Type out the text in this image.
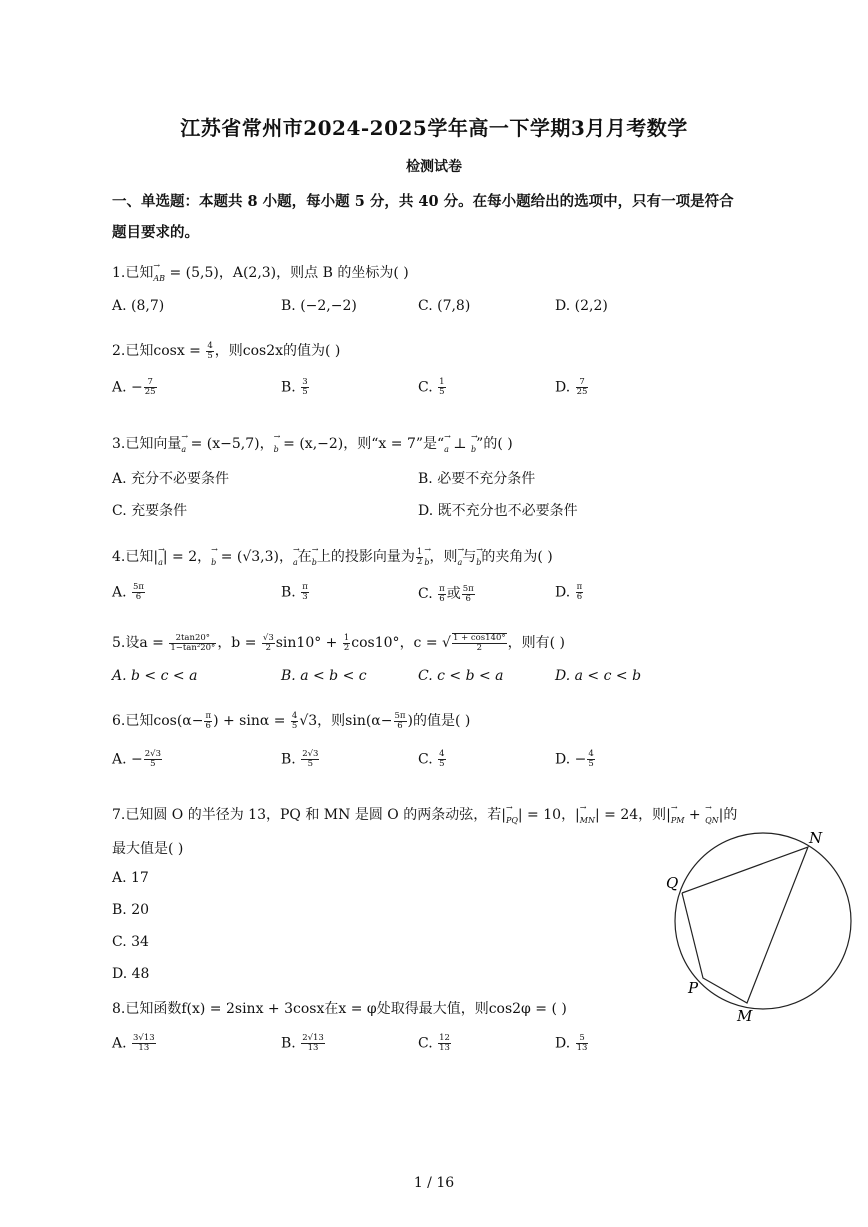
江苏省常州市2024-2025学年高一下学期3月月考数学
检测试卷
一、单选题：本题共 8 小题，每小题 5 分，共 40 分。在每小题给出的选项中，只有一项是符合
题目要求的。
1.已知→ AB = (5,5)，A(2,3)，则点 B 的坐标为( )
A. (8,7)	B. (−2,−2)	C. (7,8)	D. (2,2)
2.已知$\cos x = \frac{4}{5}$ ，则cos2x的值为( )
A. − $\frac{7}{25}$	B. $\frac{3}{5}$	C. $\frac{1}{5}$	D. $\frac{7}{25}$
3.已知向量→ a = (x−5,7)，→ b = (x,−2)，则“x = 7”是“→ a ⊥ → b”的( )
A. 充分不必要条件	B. 必要不充分条件
C. 充要条件	D. 既不充分也不必要条件
4.已知|→ a| = 2，→ b = (√3,3)，→ a在→ b上的投影向量为 $\frac{1}{2}$
→ b，则→ a与→ b的夹角为( )
A. $\frac{5\pi}{6}$	B. $\frac{\pi}{3}$	C. $\frac{\pi}{6}$ 或 $\frac{5\pi}{6}$	D. $\frac{\pi}{6}$
5.设$a = \frac{2\tan 20^\circ}{\text{1−tan²20°}}$ ，$b = \frac{√3}{2} \sin 10^\circ + \frac{1}{2} \cos 10^\circ$，c = √ $\frac{1 + \cos 140^\circ}{2}$ ，则有( )
A. b < c < a	B. a < b < c	C. c < b < a	D. a < c < b
6.已知$\cos(\alpha- \frac{\pi}{6}$ ) + $\sin\alpha = \frac{4}{5} √3$，则$\sin(\alpha- \frac{5\pi}{6}$ )的值是( )
A. − $\frac{2√3}{5}$	B. $\frac{2√3}{5}$	C. $\frac{4}{5}$	D. − $\frac{4}{5}$
7.已知圆 O 的半径为 13，PQ 和 MN 是圆 O 的两条动弦，若|→ PQ| = 10，|→ MN| = 24，则|→ PM + → QN|的
最大值是( )
A. 17
B. 20
C. 34
D. 48
N
Q
P
M
8.已知函数f(x) = 2sinx + 3cosx在x = φ处取得最大值，则cos2φ = ( )
A. $\frac{3√13}{13}$	B. $\frac{2√13}{13}$	C. $\frac{12}{13}$	D. $\frac{5}{13}$
1 / 16
